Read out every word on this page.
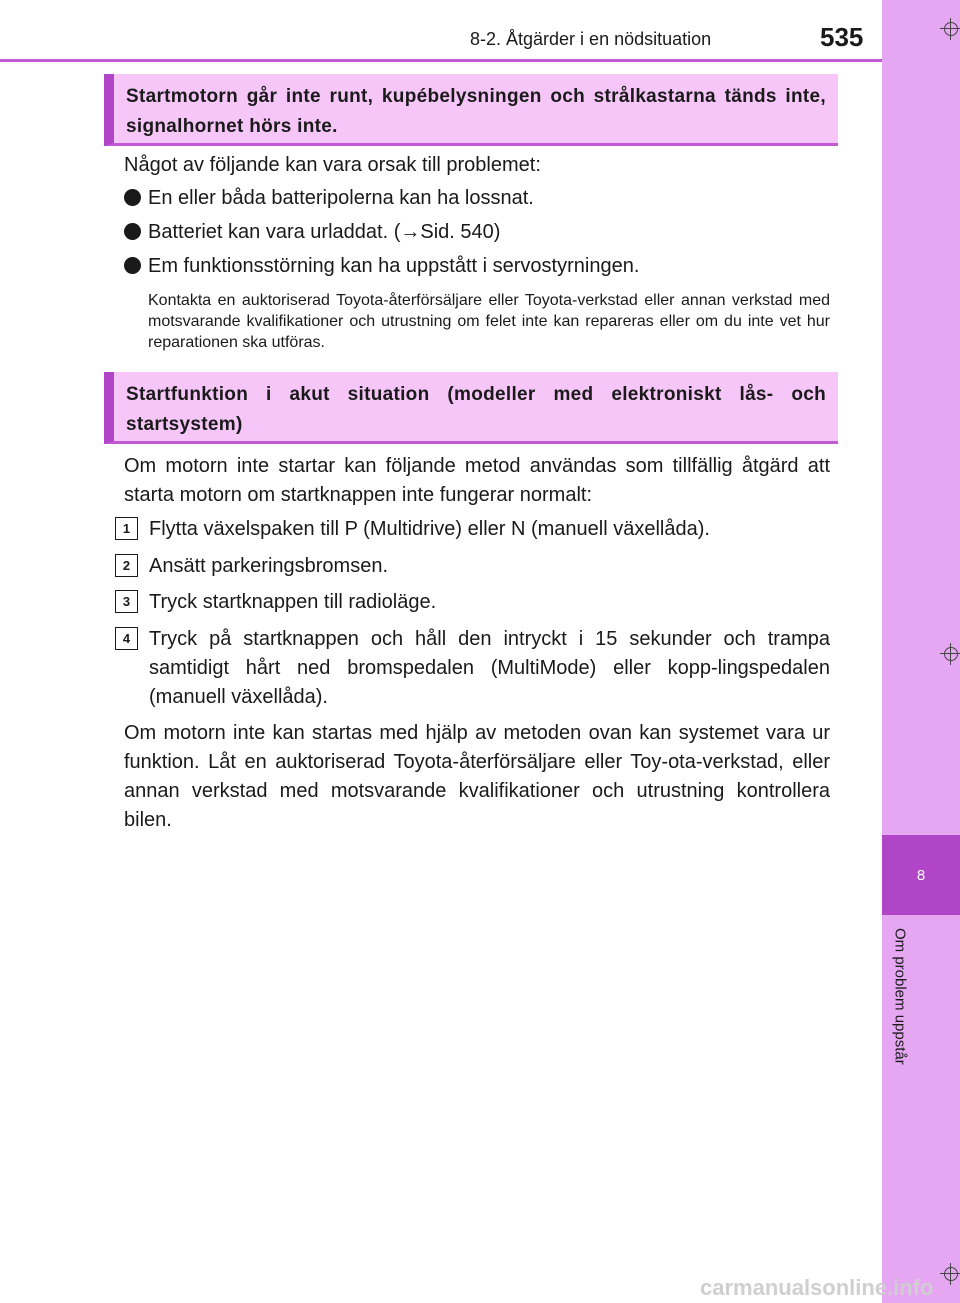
8-2. Åtgärder i en nödsituation	535
8
Om problem uppstår
Startmotorn går inte runt, kupébelysningen och strålkastarna tänds inte, signalhornet hörs inte.
Något av följande kan vara orsak till problemet:
En eller båda batteripolerna kan ha lossnat.
Batteriet kan vara urladdat. (→Sid. 540)
Em funktionsstörning kan ha uppstått i servostyrningen.
Kontakta en auktoriserad Toyota-återförsäljare eller Toyota-verkstad eller annan verkstad med motsvarande kvalifikationer och utrustning om felet inte kan repareras eller om du inte vet hur reparationen ska utföras.
Startfunktion i akut situation (modeller med elektroniskt lås- och startsystem)
Om motorn inte startar kan följande metod användas som tillfällig åtgärd att starta motorn om startknappen inte fungerar normalt:
1 Flytta växelspaken till P (Multidrive) eller N (manuell växellåda).
2 Ansätt parkeringsbromsen.
3 Tryck startknappen till radioläge.
4 Tryck på startknappen och håll den intryckt i 15 sekunder och trampa samtidigt hårt ned bromspedalen (MultiMode) eller kopp-lingspedalen (manuell växellåda).
Om motorn inte kan startas med hjälp av metoden ovan kan systemet vara ur funktion. Låt en auktoriserad Toyota-återförsäljare eller Toy-ota-verkstad, eller annan verkstad med motsvarande kvalifikationer och utrustning kontrollera bilen.
carmanualsonline.info
